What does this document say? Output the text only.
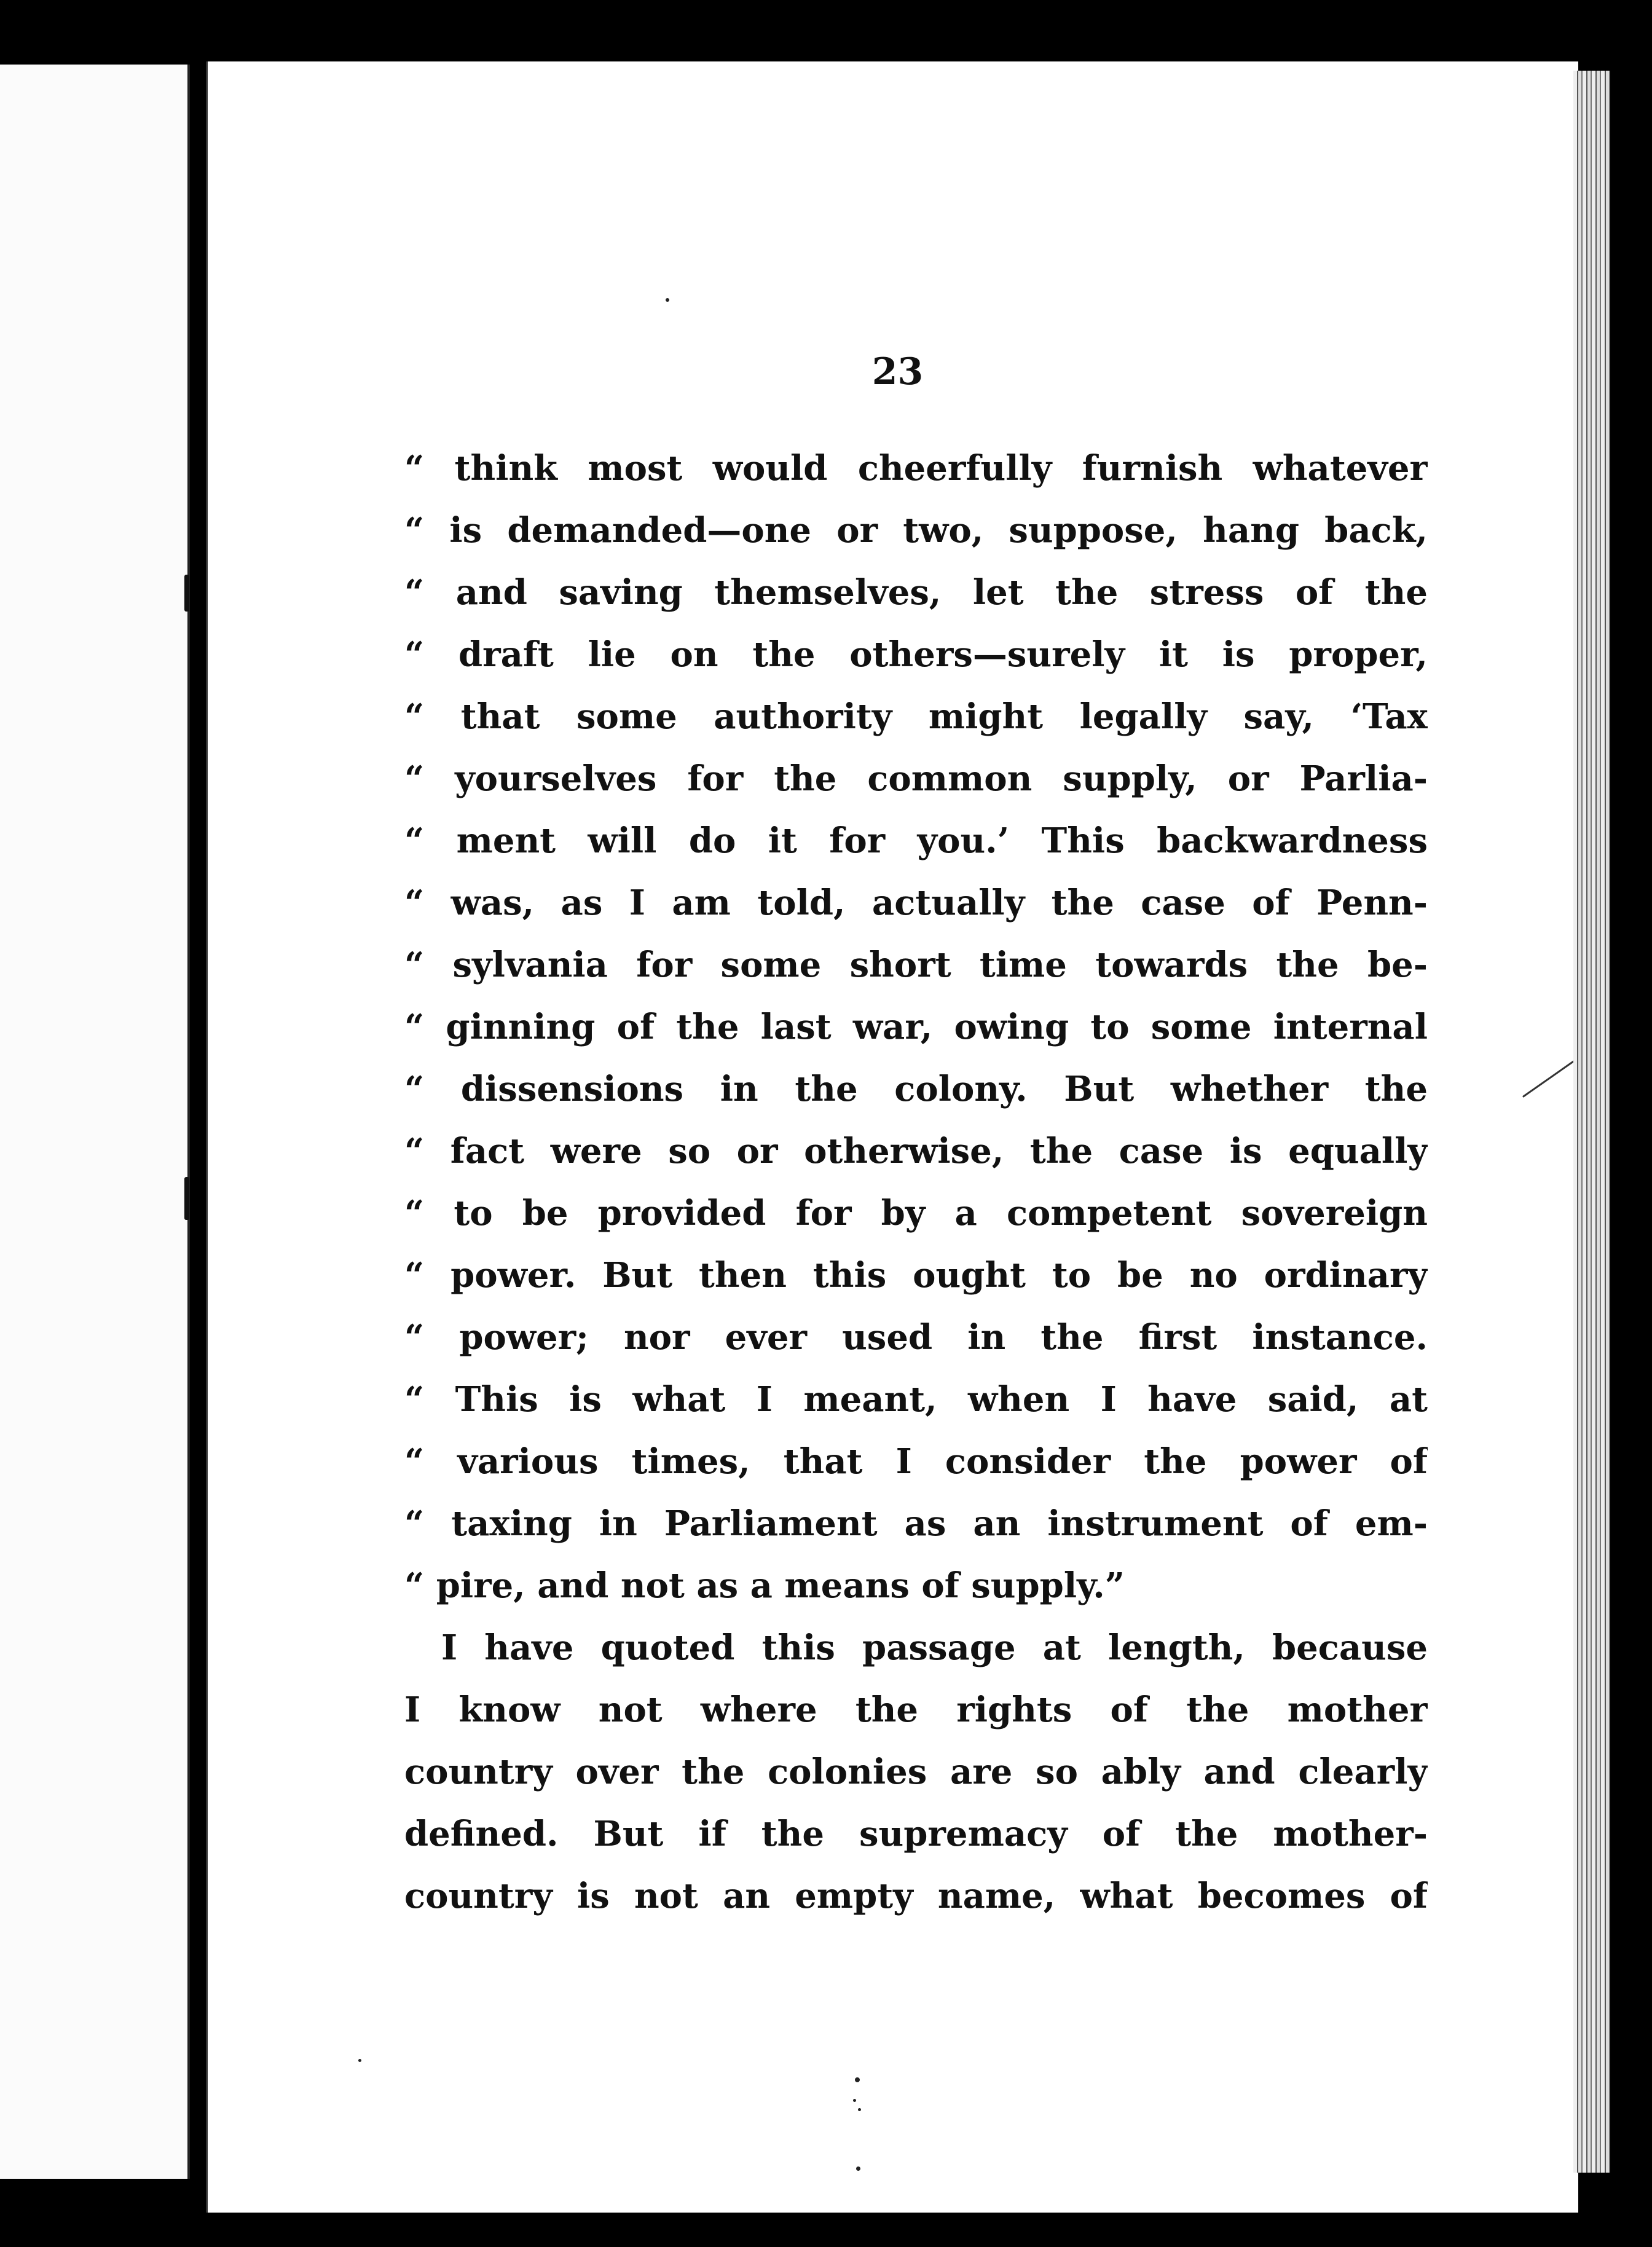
23
“ think most would cheerfully furnish whatever
“ is demanded—one or two, suppose, hang back,
“ and saving themselves, let the stress of the
“ draft lie on the others—surely it is proper,
“ that some authority might legally say, ‘Tax
“ yourselves for the common supply, or Parlia-
“ ment will do it for you.’ This backwardness
“ was, as I am told, actually the case of Penn-
“ sylvania for some short time towards the be-
“ ginning of the last war, owing to some internal
“ dissensions in the colony. But whether the
“ fact were so or otherwise, the case is equally
“ to be provided for by a competent sovereign
“ power. But then this ought to be no ordinary
“ power; nor ever used in the first instance.
“ This is what I meant, when I have said, at
“ various times, that I consider the power of
“ taxing in Parliament as an instrument of em-
“ pire, and not as a means of supply.”
I have quoted this passage at length, because
I know not where the rights of the mother
country over the colonies are so ably and clearly
defined. But if the supremacy of the mother-
country is not an empty name, what becomes of
